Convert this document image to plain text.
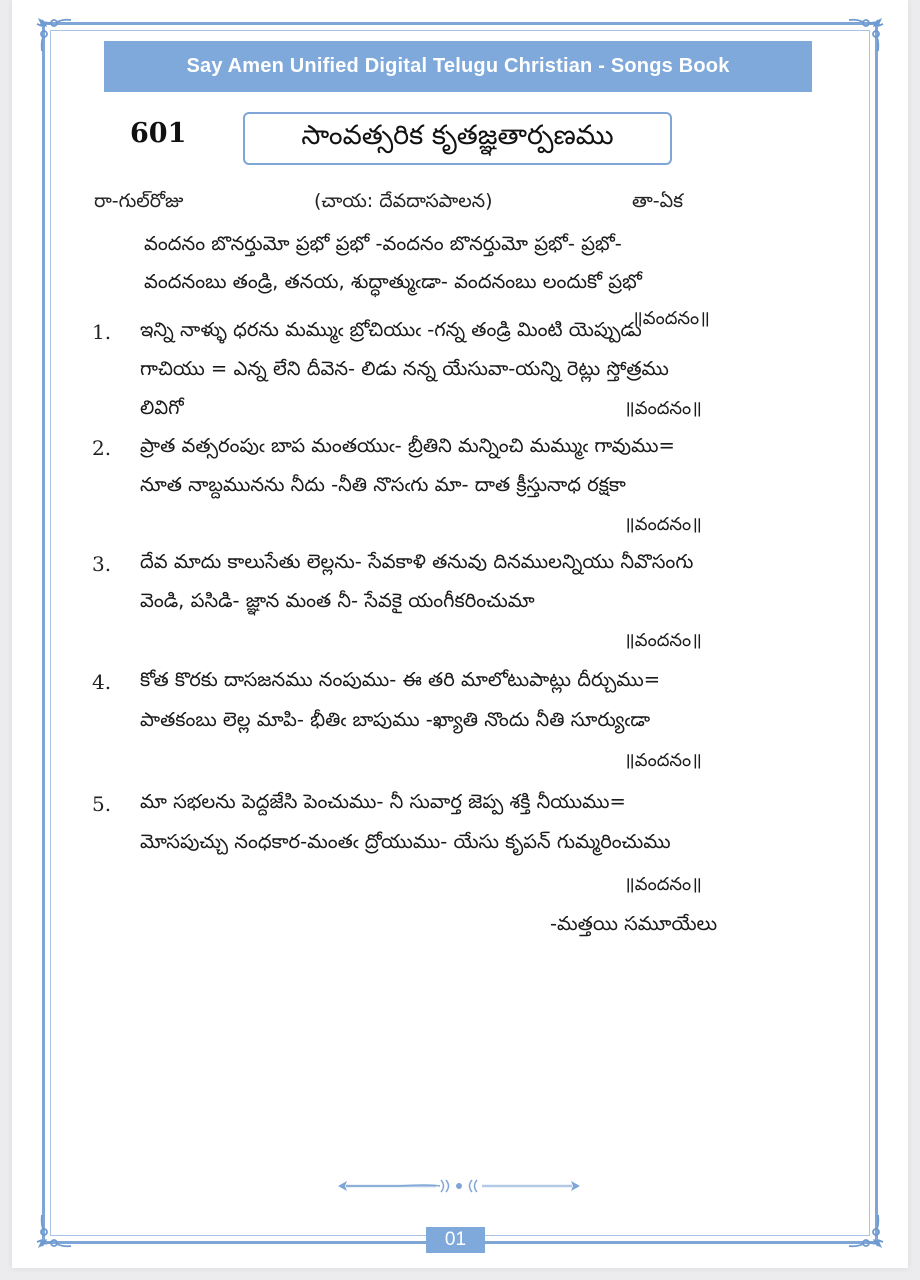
Say Amen Unified Digital Telugu Christian - Songs Book
601	సాంవత్సరిక కృతజ్ఞతార్పణము
రా-గుల్‌రోజు	(చాయ: దేవదాసపాలన)	తా-ఏక
వందనం బొనర్తుమో ప్రభో ప్రభో -వందనం బొనర్తుమో ప్రభో- ప్రభో-
వందనంబు తండ్రి, తనయ, శుద్ధాత్ముఁడా- వందనంబు లందుకో ప్రభో
1. ఇన్ని నాళ్ళు ధరను మమ్ముఁ బ్రోచియుఁ -గన్న తండ్రి మింటి యెప్పుడు
॥వందనం॥
గాచియు = ఎన్న లేని దీవెన- లిడు నన్న యేసువా-యన్ని రెట్లు స్తోత్రము
లివిగో	॥వందనం॥
2. ప్రాత వత్సరంపుఁ బాప మంతయుఁ- బ్రీతిని మన్నించి మమ్ముఁ గావుము=
నూత నాబ్దమునను నీదు -నీతి నొసఁగు మా- దాత క్రీస్తునాధ రక్షకా
॥వందనం॥
3. దేవ మాదు కాలుసేతు లెల్లను- సేవకాళి తనువు దినములన్నియు నీవొసంగు
వెండి, పసిడి- జ్ఞాన మంత నీ- సేవకై యంగీకరించుమా
॥వందనం॥
4. కోత కొరకు దాసజనము నంపుము- ఈ తరి మాలోటుపాట్లు దీర్చుము=
పాతకంబు లెల్ల మాపి- భీతిఁ బాపుము -ఖ్యాతి నొందు నీతి సూర్యుఁడా
॥వందనం॥
5. మా సభలను పెద్దజేసి పెంచుము- నీ సువార్త జెప్ప శక్తి నీయుము=
మోసపుచ్చు నంధకార-మంతఁ ద్రోయుము- యేసు కృపన్ గుమ్మరించుము
॥వందనం॥
-మత్తయి సమూయేలు
01
